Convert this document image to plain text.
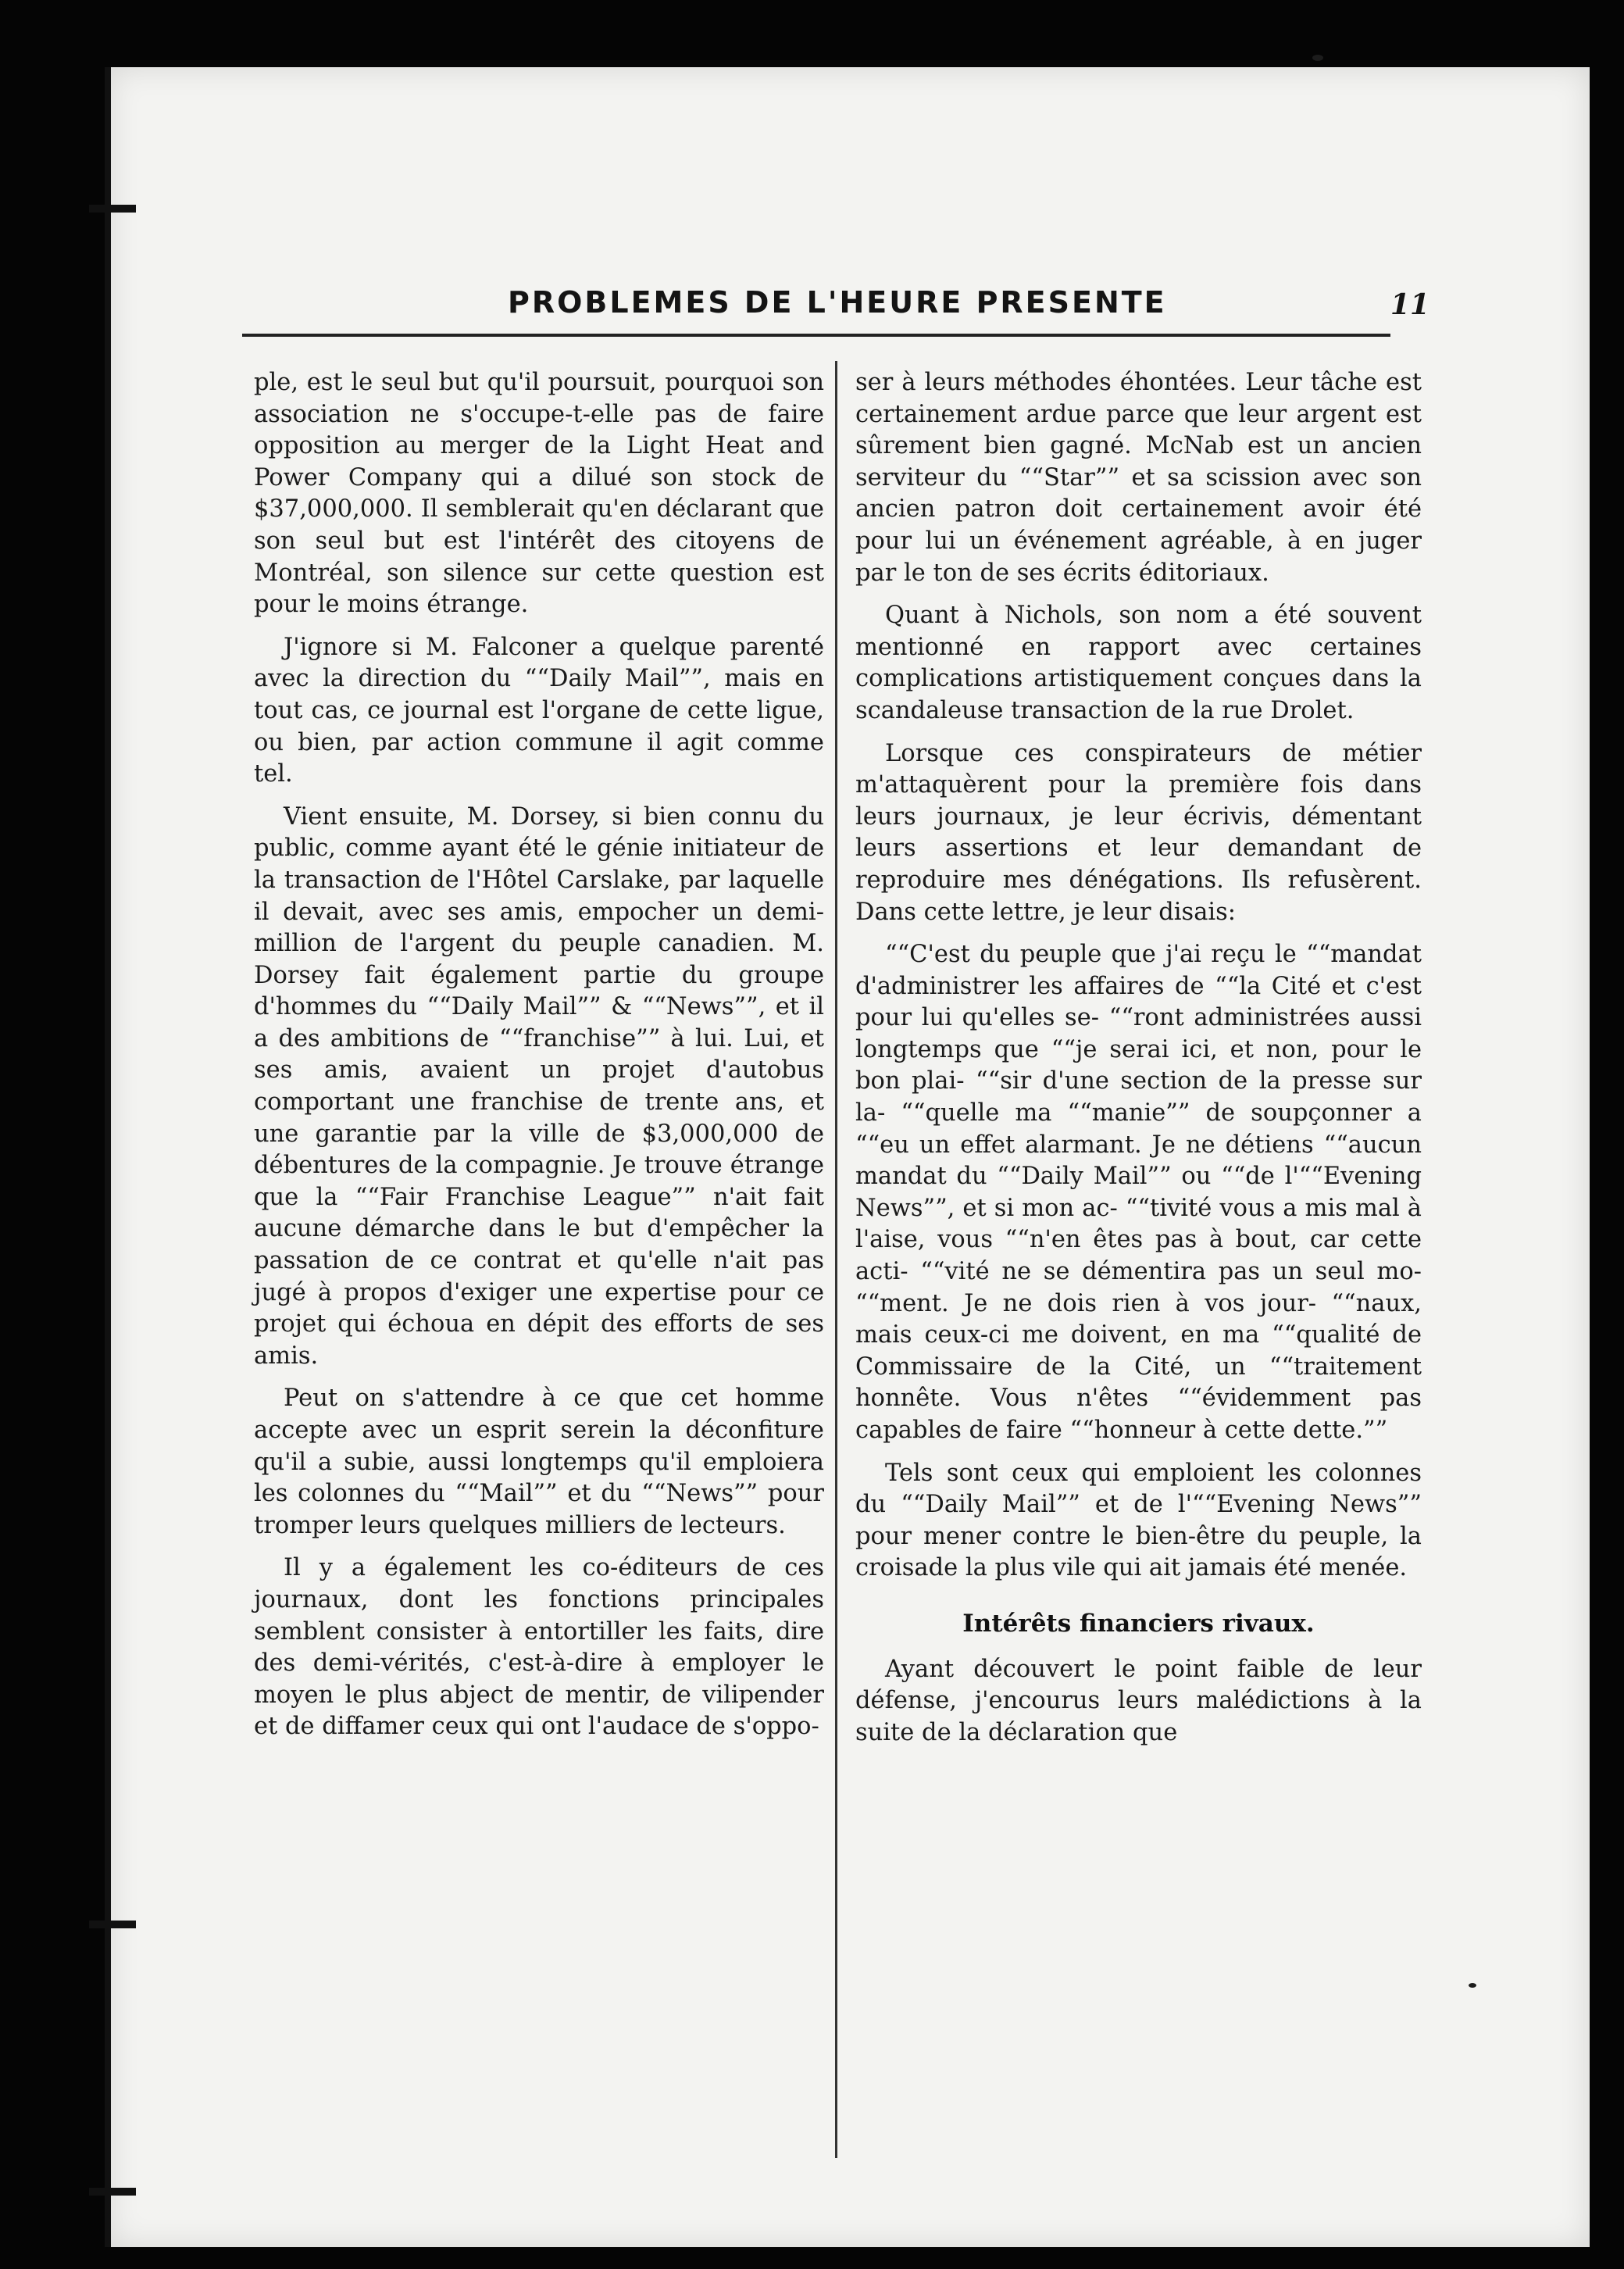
PROBLEMES DE L'HEURE PRESENTE	11

ple, est le seul but qu'il poursuit, pourquoi son association ne s'occupe-t-elle pas de faire opposition au merger de la Light Heat and Power Company qui a dilué son stock de $37,000,000. Il semblerait qu'en déclarant que son seul but est l'intérêt des citoyens de Montréal, son silence sur cette question est pour le moins étrange.

J'ignore si M. Falconer a quelque parenté avec la direction du ““Daily Mail””, mais en tout cas, ce journal est l'organe de cette ligue, ou bien, par action commune il agit comme tel.

Vient ensuite, M. Dorsey, si bien connu du public, comme ayant été le génie initiateur de la transaction de l'Hôtel Carslake, par laquelle il devait, avec ses amis, empocher un demi-million de l'argent du peuple canadien. M. Dorsey fait également partie du groupe d'hommes du ““Daily Mail”” & ““News””, et il a des ambitions de ““franchise”” à lui. Lui, et ses amis, avaient un projet d'autobus comportant une franchise de trente ans, et une garantie par la ville de $3,000,000 de débentures de la compagnie. Je trouve étrange que la ““Fair Franchise League”” n'ait fait aucune démarche dans le but d'empêcher la passation de ce contrat et qu'elle n'ait pas jugé à propos d'exiger une expertise pour ce projet qui échoua en dépit des efforts de ses amis.

Peut on s'attendre à ce que cet homme accepte avec un esprit serein la déconfiture qu'il a subie, aussi longtemps qu'il emploiera les colonnes du ““Mail”” et du ““News”” pour tromper leurs quelques milliers de lecteurs.

Il y a également les co-éditeurs de ces journaux, dont les fonctions principales semblent consister à entortiller les faits, dire des demi-vérités, c'est-à-dire à employer le moyen le plus abject de mentir, de vilipender et de diffamer ceux qui ont l'audace de s'oppo-

ser à leurs méthodes éhontées. Leur tâche est certainement ardue parce que leur argent est sûrement bien gagné. McNab est un ancien serviteur du ““Star”” et sa scission avec son ancien patron doit certainement avoir été pour lui un événement agréable, à en juger par le ton de ses écrits éditoriaux.

Quant à Nichols, son nom a été souvent mentionné en rapport avec certaines complications artistiquement conçues dans la scandaleuse transaction de la rue Drolet.

Lorsque ces conspirateurs de métier m'attaquèrent pour la première fois dans leurs journaux, je leur écrivis, démentant leurs assertions et leur demandant de reproduire mes dénégations. Ils refusèrent. Dans cette lettre, je leur disais:

““C'est du peuple que j'ai reçu le ““mandat d'administrer les affaires de ““la Cité et c'est pour lui qu'elles se- ““ront administrées aussi longtemps que ““je serai ici, et non, pour le bon plai- ““sir d'une section de la presse sur la- ““quelle ma ““manie”” de soupçonner a ““eu un effet alarmant. Je ne détiens ““aucun mandat du ““Daily Mail”” ou ““de l'““Evening News””, et si mon ac- ““tivité vous a mis mal à l'aise, vous ““n'en êtes pas à bout, car cette acti- ““vité ne se démentira pas un seul mo- ““ment. Je ne dois rien à vos jour- ““naux, mais ceux-ci me doivent, en ma ““qualité de Commissaire de la Cité, un ““traitement honnête. Vous n'êtes ““évidemment pas capables de faire ““honneur à cette dette.””

Tels sont ceux qui emploient les colonnes du ““Daily Mail”” et de l'““Evening News”” pour mener contre le bien-être du peuple, la croisade la plus vile qui ait jamais été menée.

Intérêts financiers rivaux.

Ayant découvert le point faible de leur défense, j'encourus leurs malédictions à la suite de la déclaration que
